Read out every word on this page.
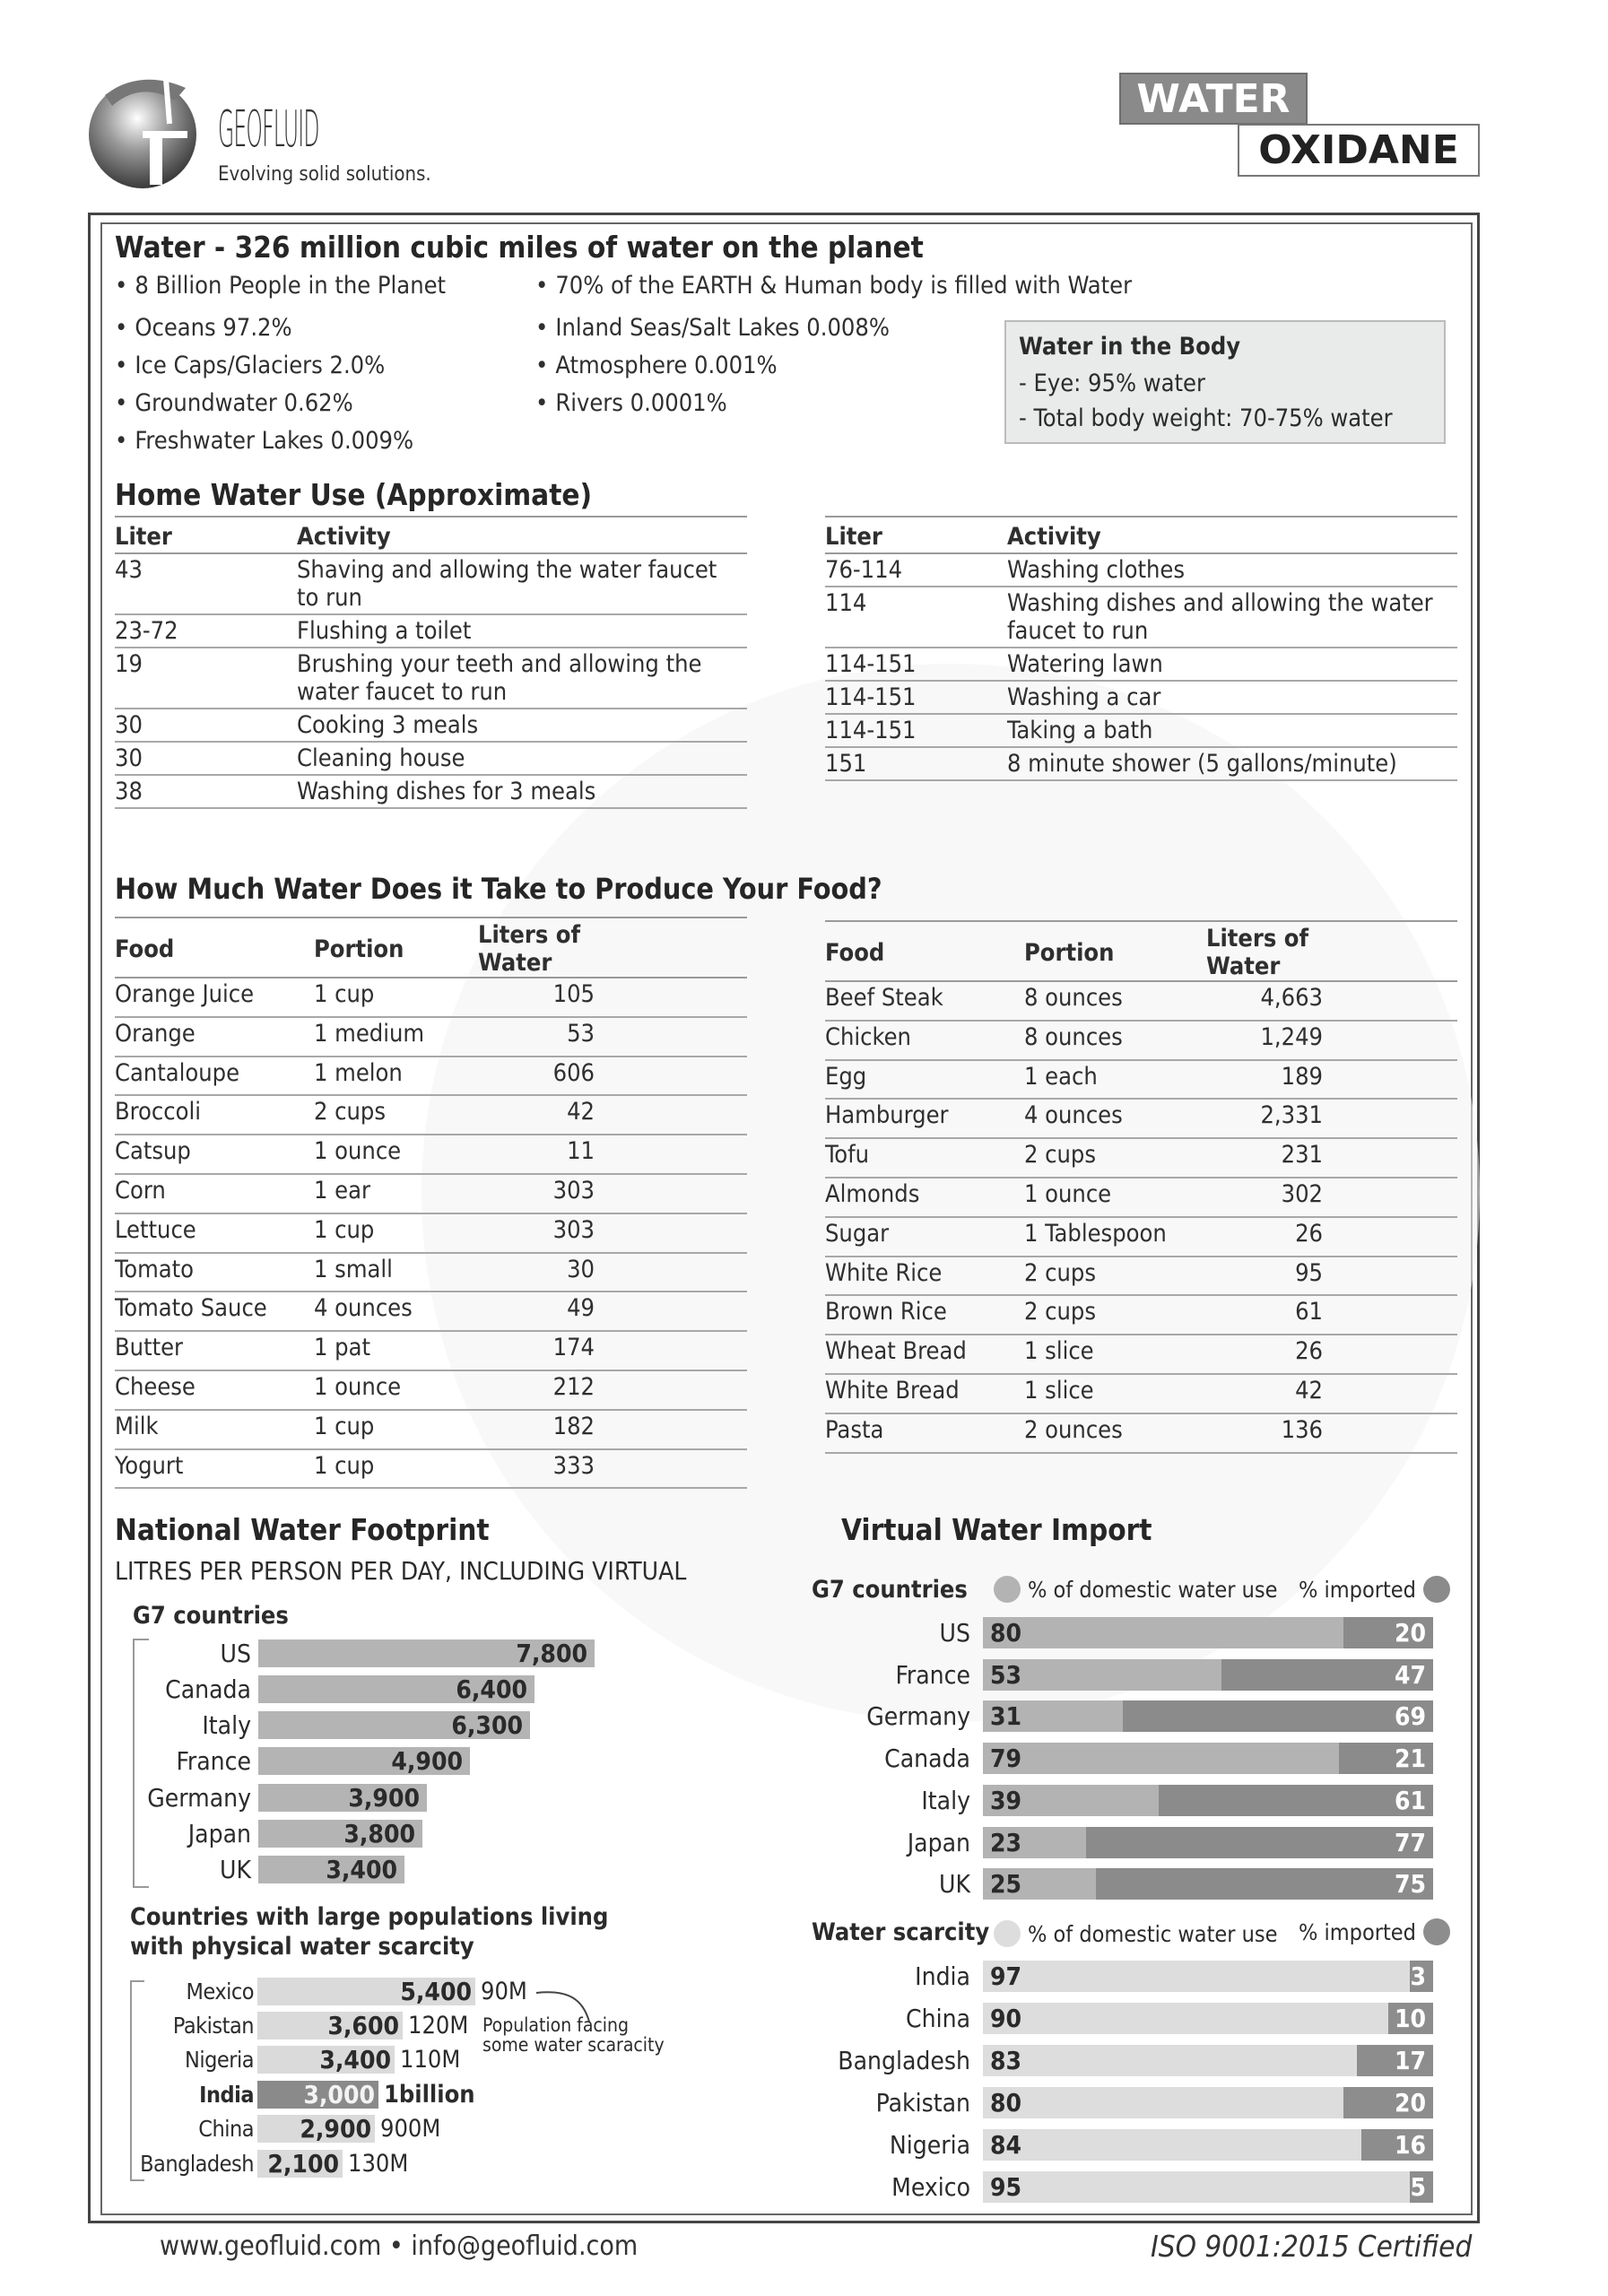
GEOFLUID
Evolving solid solutions.
WATER
OXIDANE
Water - 326 million cubic miles of water on the planet
• 8 Billion People in the Planet
• Oceans 97.2%
• Ice Caps/Glaciers 2.0%
• Groundwater 0.62%
• Freshwater Lakes 0.009%
• 70% of the EARTH & Human body is filled with Water
• Inland Seas/Salt Lakes 0.008%
• Atmosphere 0.001%
• Rivers 0.0001%
Water in the Body
- Eye: 95% water
- Total body weight: 70-75% water
Home Water Use (Approximate)
Liter	Activity
43	Shaving and allowing the water faucet to run
23-72	Flushing a toilet
19	Brushing your teeth and allowing the water faucet to run
30	Cooking 3 meals
30	Cleaning house
38	Washing dishes for 3 meals
Liter	Activity
76-114	Washing clothes
114	Washing dishes and allowing the water faucet to run
114-151	Watering lawn
114-151	Washing a car
114-151	Taking a bath
151	8 minute shower (5 gallons/minute)
How Much Water Does it Take to Produce Your Food?
Food	Portion	Liters of Water	
Orange Juice	1 cup	105	
Orange	1 medium	53	
Cantaloupe	1 melon	606	
Broccoli	2 cups	42	
Catsup	1 ounce	11	
Corn	1 ear	303	
Lettuce	1 cup	303	
Tomato	1 small	30	
Tomato Sauce	4 ounces	49	
Butter	1 pat	174	
Cheese	1 ounce	212	
Milk	1 cup	182	
Yogurt	1 cup	333	
Food	Portion	Liters of Water	
Beef Steak	8 ounces	4,663	
Chicken	8 ounces	1,249	
Egg	1 each	189	
Hamburger	4 ounces	2,331	
Tofu	2 cups	231	
Almonds	1 ounce	302	
Sugar	1 Tablespoon	26	
White Rice	2 cups	95	
Brown Rice	2 cups	61	
Wheat Bread	1 slice	26	
White Bread	1 slice	42	
Pasta	2 ounces	136	
National Water Footprint
LITRES PER PERSON PER DAY, INCLUDING VIRTUAL
G7 countries
US	7,800
Canada	6,400
Italy	6,300
France	4,900
Germany	3,900
Japan	3,800
UK	3,400
Countries with large populations living
with physical water scarcity
Mexico	5,400 90M
Pakistan	3,600 120M
Nigeria	3,400 110M
India	3,000 1billion
China	2,900 900M
Bangladesh 2,100 130M
Population facing
some water scaracity
Virtual Water Import
G7 countries	% of domestic water use % imported
US 80	20
France 53	47
Germany 31	69
Canada 79	21
Italy 39	61
Japan 23	77
UK 25	75
Water scarcity % of domestic water use % imported
India 97	3
China 90	10
Bangladesh 83	17
Pakistan 80	20
Nigeria 84	16
Mexico 95	5
www.geofluid.com • info@geofluid.com	ISO 9001:2015 Certified
